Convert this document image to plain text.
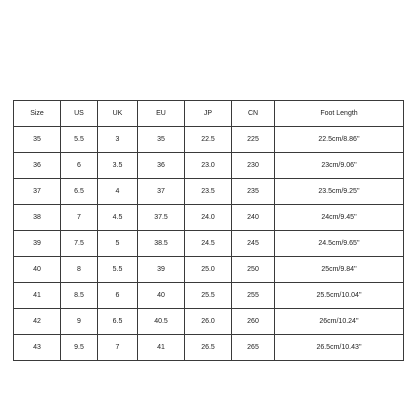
Size	US	UK	EU	JP	CN	Foot Length
35	5.5	3	35	22.5	225	22.5cm/8.86''
36	6	3.5	36	23.0	230	23cm/9.06''
37	6.5	4	37	23.5	235	23.5cm/9.25''
38	7	4.5	37.5	24.0	240	24cm/9.45''
39	7.5	5	38.5	24.5	245	24.5cm/9.65''
40	8	5.5	39	25.0	250	25cm/9.84''
41	8.5	6	40	25.5	255	25.5cm/10.04''
42	9	6.5	40.5	26.0	260	26cm/10.24''
43	9.5	7	41	26.5	265	26.5cm/10.43''
